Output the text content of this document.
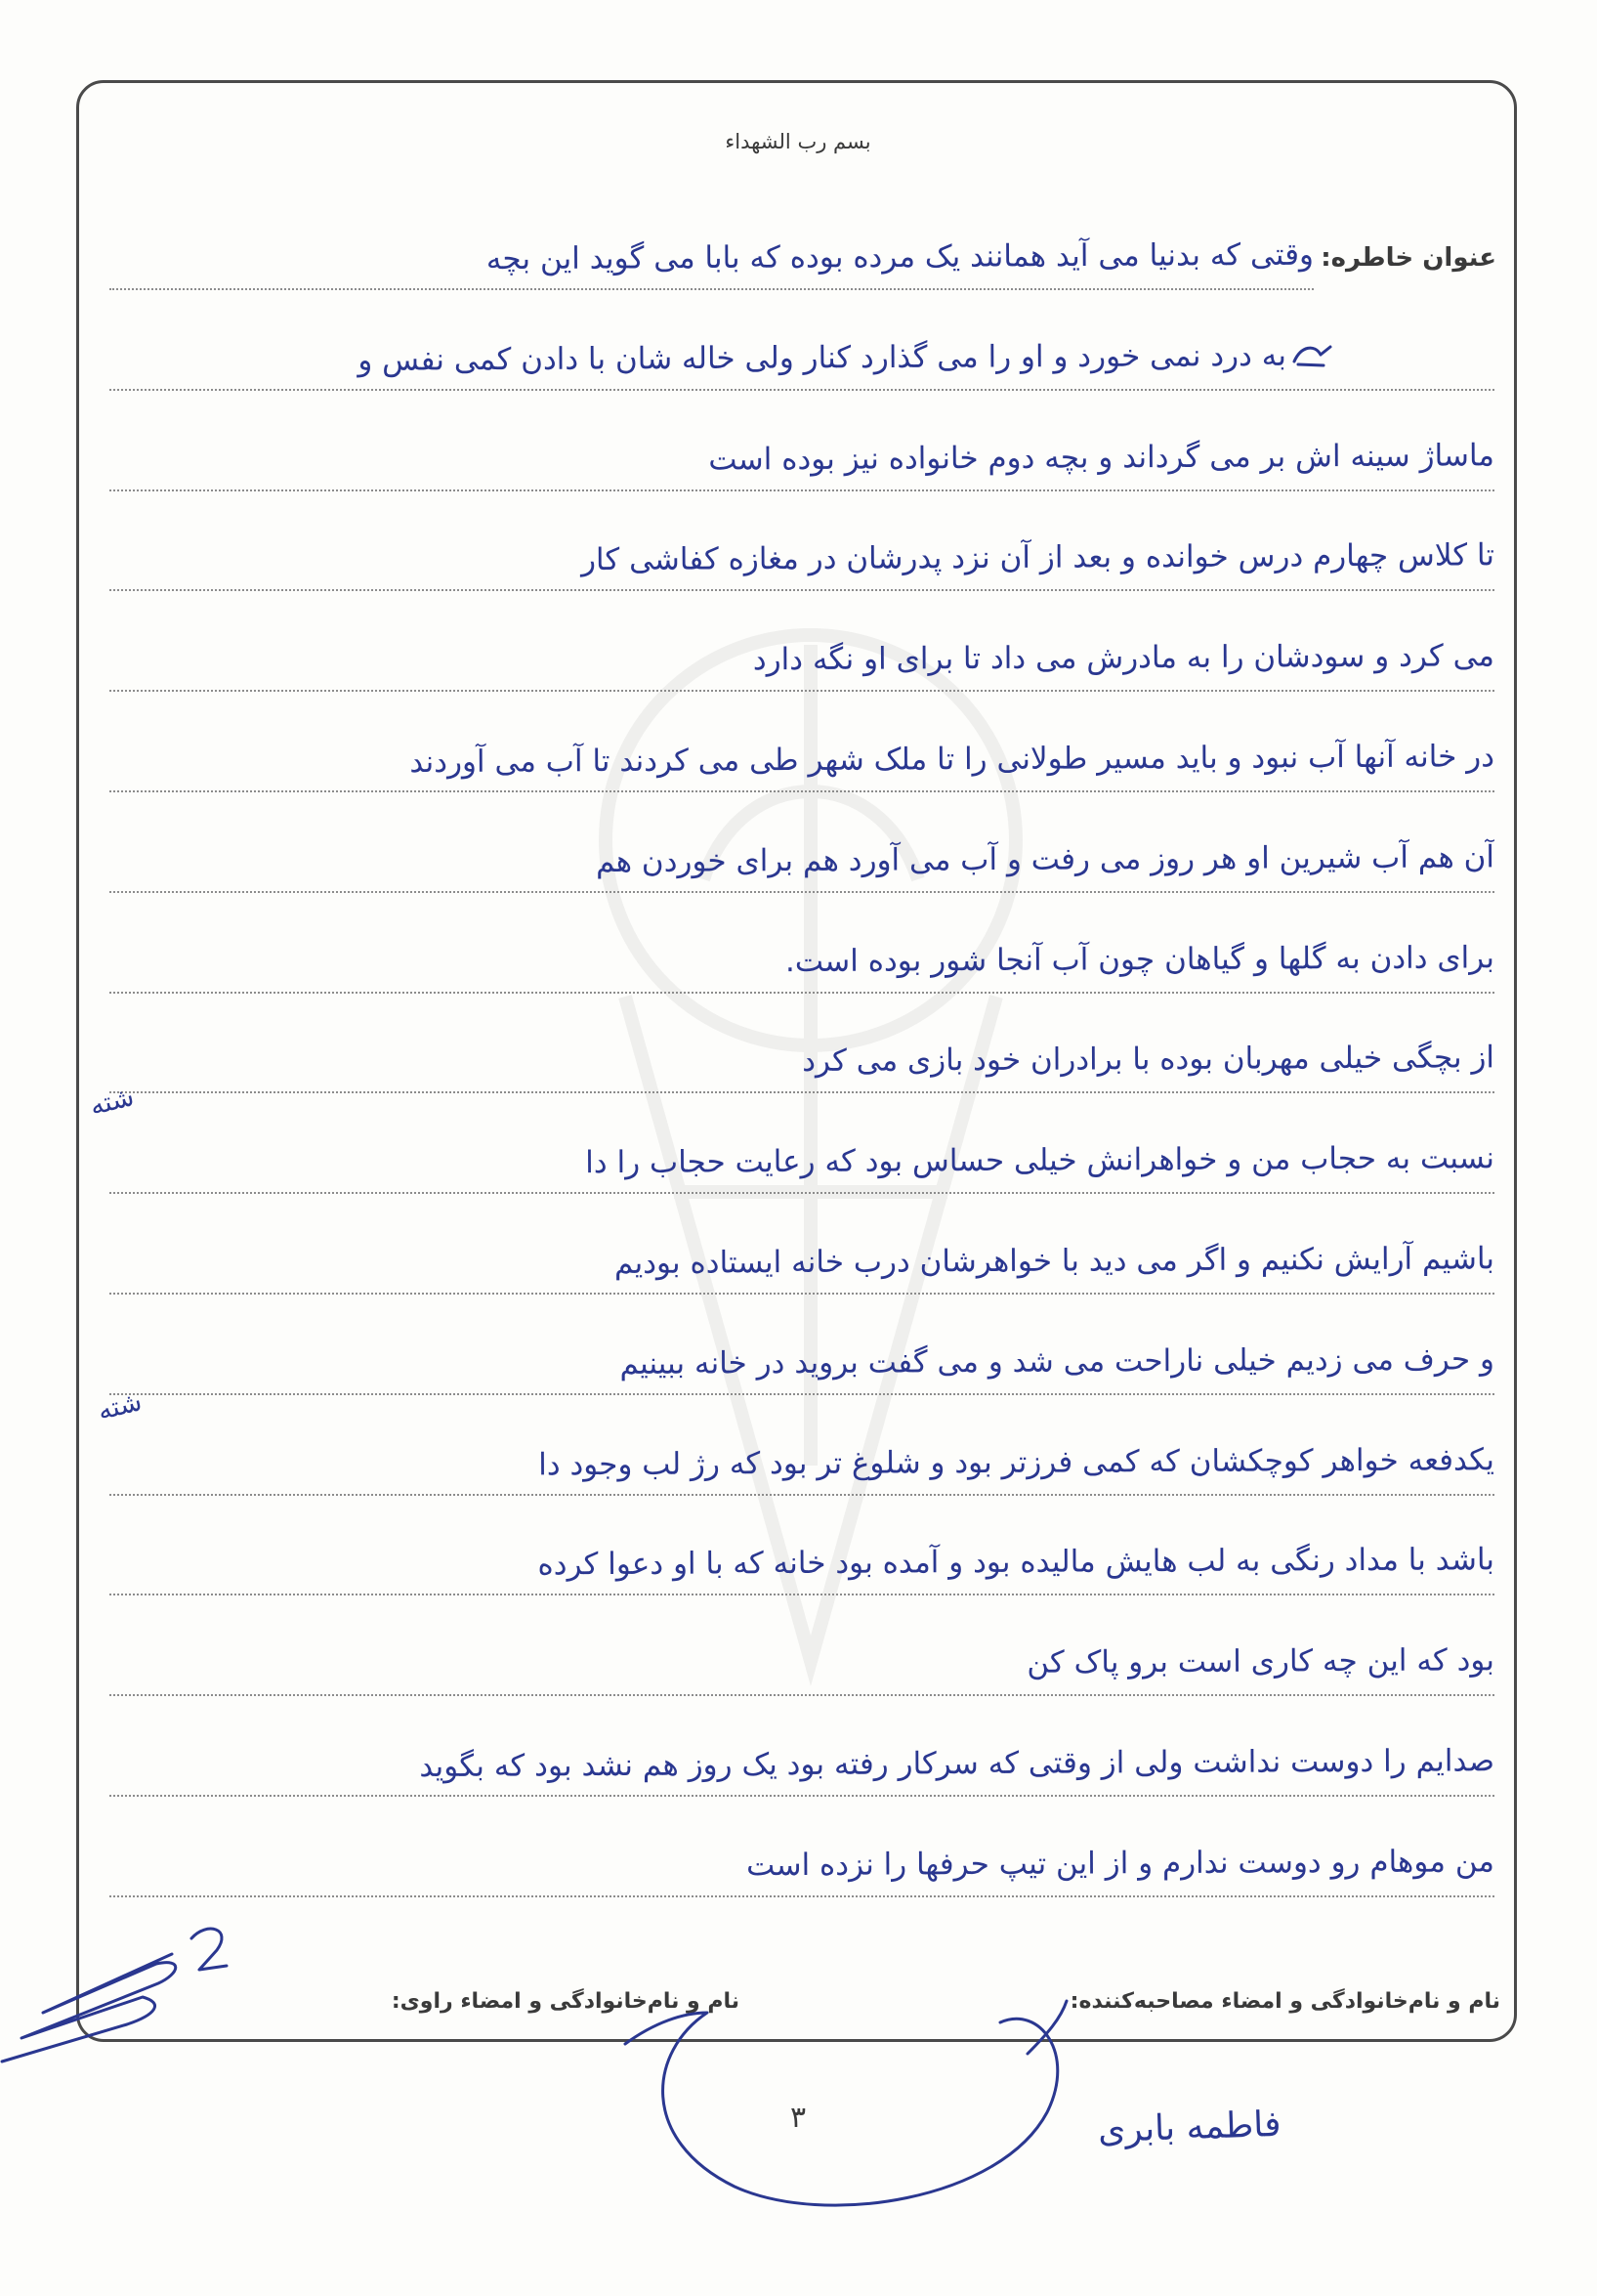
بسم رب الشهداء
عنوان خاطره:
وقتی که بدنیا می آید همانند یک مرده بوده که بابا می گوید این بچه
به درد نمی خورد و او را می گذارد کنار ولی خاله شان با دادن کمی نفس و
ماساژ سینه اش بر می گرداند و بچه دوم خانواده نیز بوده است
تا کلاس چهارم درس خوانده و بعد از آن نزد پدرشان در مغازه کفاشی کار
می کرد و سودشان را به مادرش می داد تا برای او نگه دارد
در خانه آنها آب نبود و باید مسیر طولانی را تا ملک شهر طی می کردند تا آب می آوردند
آن هم آب شیرین او هر روز می رفت و آب می آورد هم برای خوردن هم
برای دادن به گلها و گیاهان چون آب آنجا شور بوده است.
از بچگی خیلی مهربان بوده با برادران خود بازی می کرد
نسبت به حجاب من و خواهرانش خیلی حساس بود که رعایت حجاب را دا
باشیم آرایش نکنیم و اگر می دید با خواهرشان درب خانه ایستاده بودیم
و حرف می زدیم خیلی ناراحت می شد و می گفت بروید در خانه ببینیم
یکدفعه خواهر کوچکشان که کمی فرزتر بود و شلوغ تر بود که رژ لب وجود دا
باشد با مداد رنگی به لب هایش مالیده بود و آمده بود خانه که با او دعوا کرده
بود که این چه کاری است برو پاک کن
صدایم را دوست نداشت ولی از وقتی که سرکار رفته بود یک روز هم نشد بود که بگوید
من موهام رو دوست ندارم و از این تیپ حرفها را نزده است
شته
شته
نام و نام‌خانوادگی و امضاء مصاحبه‌کننده:
نام و نام‌خانوادگی و امضاء راوی:
۳	فاطمه بابری
